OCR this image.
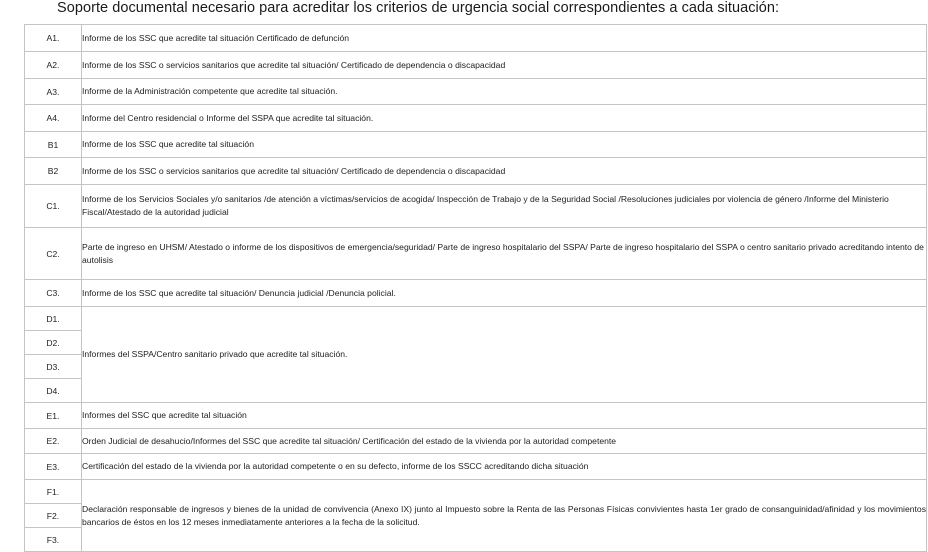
Soporte documental necesario para acreditar los criterios de urgencia social correspondientes a cada situación:
A1.	Informe de los SSC que acredite tal situación Certificado de defunción
A2.	Informe de los SSC o servicios sanitarios que acredite tal situación/ Certificado de dependencia o discapacidad
A3.	Informe de la Administración competente que acredite tal situación.
A4.	Informe del Centro residencial o Informe del SSPA que acredite tal situación.
B1	Informe de los SSC que acredite tal situación
B2	Informe de los SSC o servicios sanitarios que acredite tal situación/ Certificado de dependencia o discapacidad
C1.	Informe de los Servicios Sociales y/o sanitarios /de atención a víctimas/servicios de acogida/ Inspección de Trabajo y de la Seguridad Social /Resoluciones judiciales por violencia de género /Informe del Ministerio Fiscal/Atestado de la autoridad judicial
C2.	Parte de ingreso en UHSM/ Atestado o informe de los dispositivos de emergencia/seguridad/ Parte de ingreso hospitalario del SSPA/ Parte de ingreso hospitalario del SSPA o centro sanitario privado acreditando intento de autolisis
C3.	Informe de los SSC que acredite tal situación/ Denuncia judicial /Denuncia policial.
D1.	Informes del SSPA/Centro sanitario privado que acredite tal situación.
D2.	
D3.	
D4.	
E1.	Informes del SSC que acredite tal situación
E2.	Orden Judicial de desahucio/Informes del SSC que acredite tal situación/ Certificación del estado de la vivienda por la autoridad competente
E3.	Certificación del estado de la vivienda por la autoridad competente o en su defecto, informe de los SSCC acreditando dicha situación
F1.	Declaración responsable de ingresos y bienes de la unidad de convivencia (Anexo IX) junto al Impuesto sobre la Renta de las Personas Físicas convivientes hasta 1er grado de consanguinidad/afinidad y los movimientos bancarios de éstos en los 12 meses inmediatamente anteriores a la fecha de la solicitud.
F2.	
F3.	
